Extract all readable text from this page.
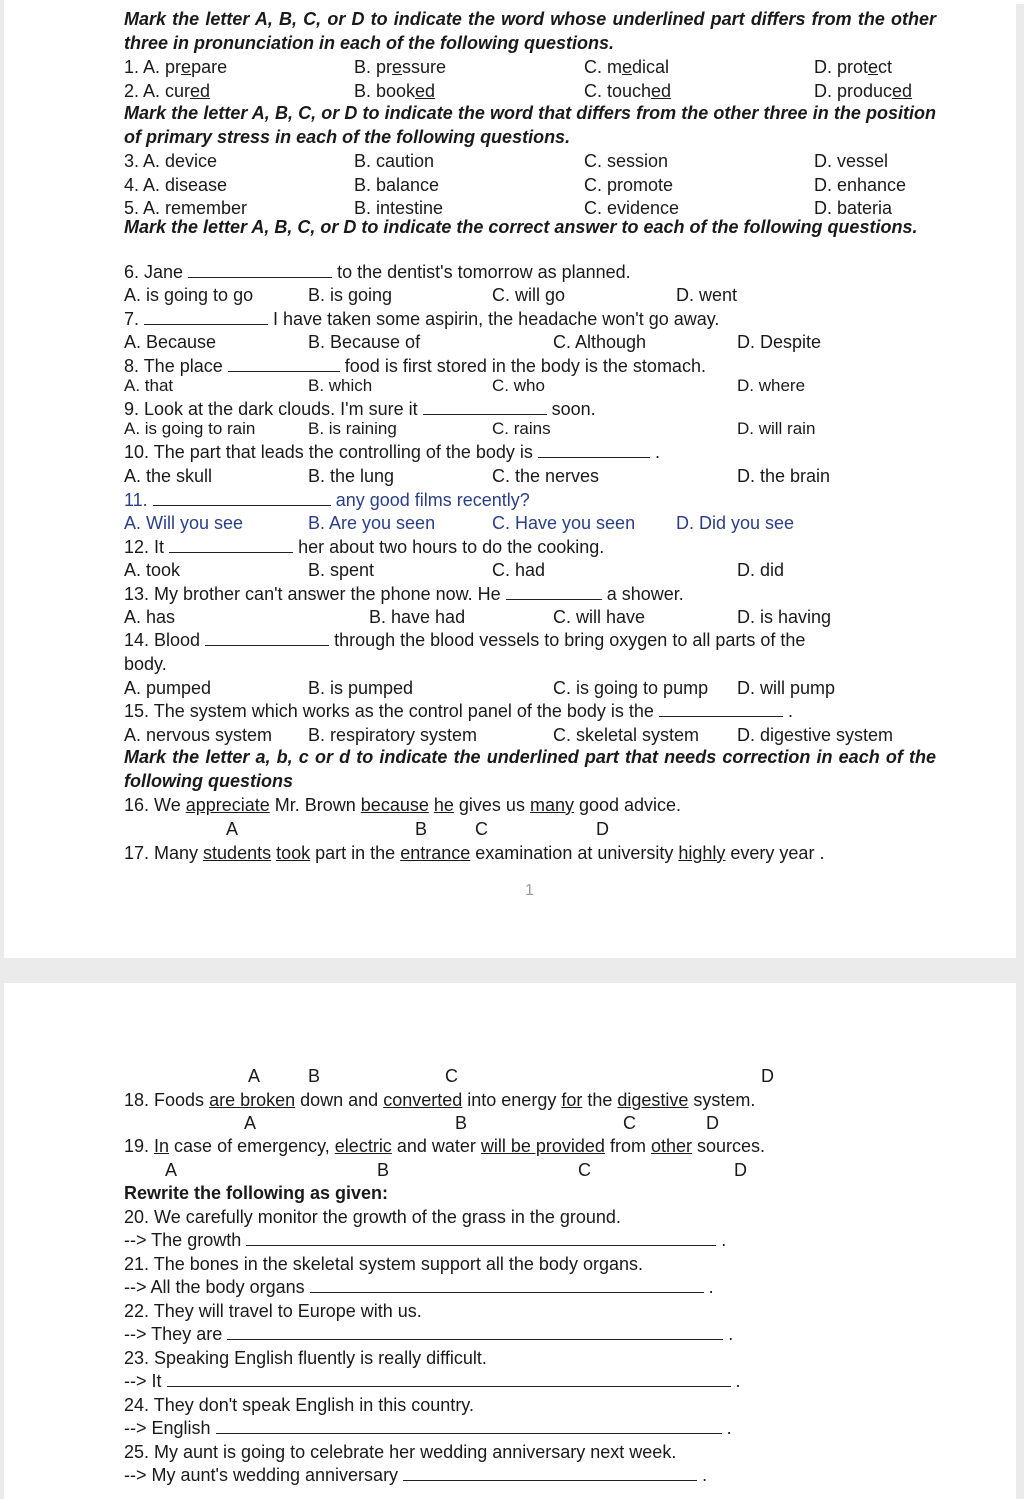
Mark the letter A, B, C, or D to indicate the word whose underlined part differs from the other three in pronunciation in each of the following questions.
1. A. prepare	B. pressure	C. medical	D. protect
2. A. cured	B. booked	C. touched	D. produced
Mark the letter A, B, C, or D to indicate the word that differs from the other three in the position of primary stress in each of the following questions.
3. A. device	B. caution	C. session	D. vessel
4. A. disease	B. balance	C. promote	D. enhance
5. A. remember	B. intestine	C. evidence	D. bateria
Mark the letter A, B, C, or D to indicate the correct answer to each of the following questions.
6. Jane	to the dentist's tomorrow as planned.
A. is going to go	B. is going	C. will go	D. went
7.	I have taken some aspirin, the headache won't go away.
A. Because	B. Because of	C. Although	D. Despite
8. The place	food is first stored in the body is the stomach.
A. that	B. which	C. who	D. where
9. Look at the dark clouds. I'm sure it	soon.
A. is going to rain	B. is raining	C. rains	D. will rain
10. The part that leads the controlling of the body is	.
A. the skull	B. the lung	C. the nerves	D. the brain
11.	any good films recently?
A. Will you see	B. Are you seen	C. Have you seen D. Did you see
12. It	her about two hours to do the cooking.
A. took	B. spent	C. had	D. did
13. My brother can't answer the phone now. He	a shower.
A. has	B. have had	C. will have	D. is having
14. Blood	through the blood vessels to bring oxygen to all parts of the
body.
A. pumped	B. is pumped	C. is going to pump D. will pump
15. The system which works as the control panel of the body is the	.
A. nervous system B. respiratory system	C. skeletal system D. digestive system
Mark the letter a, b, c or d to indicate the underlined part that needs correction in each of the following questions
16. We appreciate Mr. Brown because he gives us many good advice.
A	B	C	D
17. Many students took part in the entrance examination at university highly every year .
1
A	B	C	D
18. Foods are broken down and converted into energy for the digestive system.
A	B	C	D
19. In case of emergency, electric and water will be provided from other sources.
A	B	C	D
Rewrite the following as given:
20. We carefully monitor the growth of the grass in the ground.
--> The growth	.
21. The bones in the skeletal system support all the body organs.
--> All the body organs	.
22. They will travel to Europe with us.
--> They are	.
23. Speaking English fluently is really difficult.
--> It	.
24. They don't speak English in this country.
--> English	.
25. My aunt is going to celebrate her wedding anniversary next week.
--> My aunt's wedding anniversary	.
